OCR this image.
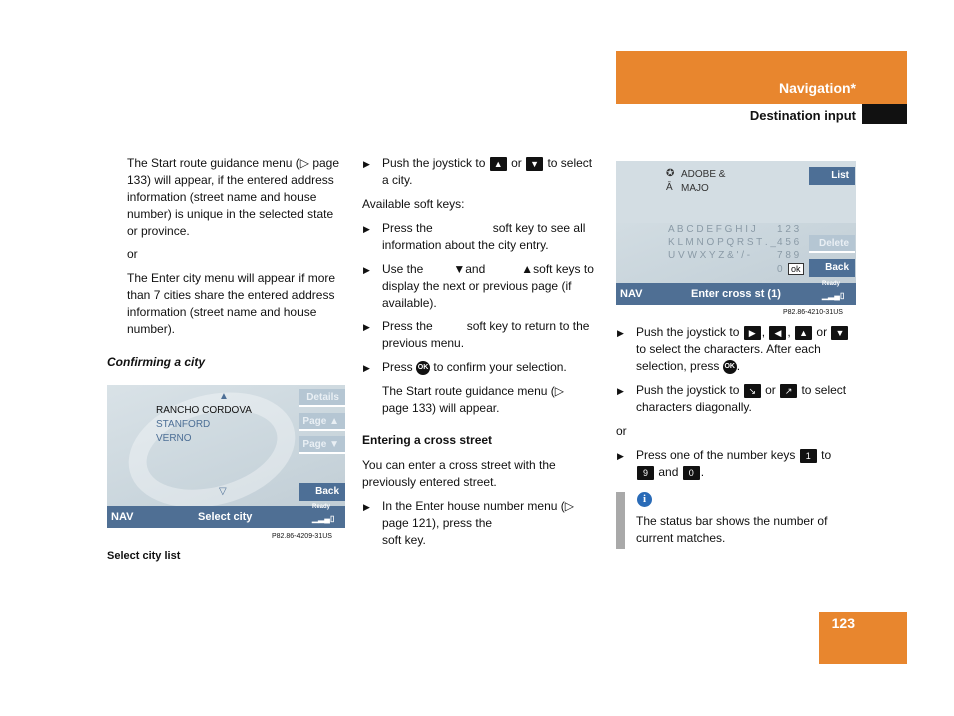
Navigation*
Destination input
The Start route guidance menu (▷ page 133) will appear, if the entered address information (street name and house number) is unique in the selected state or province.
or
The Enter city menu will appear if more than 7 cities share the entered address information (street name and house number).
Confirming a city
▲
RANCHO CORDOVA
STANFORD
VERNO
▽
Details
Page ▲
Page ▼
Back
NAV	Select city
Ready
▁▂▄▯
P82.86-4209-31US
Select city list
▶ Push the joystick to ▲ or ▼ to select a city.
Available soft keys:
▶ Press the	soft key to see all information about the city entry.
▶ Use the	▼and	▲soft keys to display the next or previous page (if available).
▶ Press the	soft key to return to the previous menu.
▶ Press OK to confirm your selection.
The Start route guidance menu (▷ page 133) will appear.
Entering a cross street
You can enter a cross street with the previously entered street.
▶ In the Enter house number menu (▷ page 121), press the
soft key.
✪ ADOBE &
Ā MAJO
A B C D E F G H I J 1 2 3
K L M N O P Q R S T . _ 4 5 6
U V W X Y Z & ' / -	7 8 9
0 ok
List
Delete
Back
NAV	Enter cross st (1)
Ready
▁▂▄▯
P82.86-4210-31US
▶ Push the joystick to ▶ , ◀ , ▲ or ▼ to select the characters. After each selection, press OK .
▶ Push the joystick to ↘ or ↗ to select characters diagonally.
or
▶ Press one of the number keys 1 to
9 and 0 .
i
The status bar shows the number of current matches.
123
